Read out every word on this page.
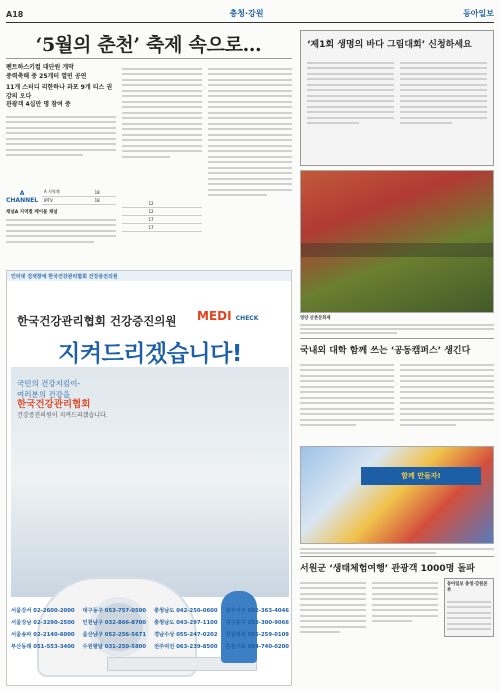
A18	충청·강원	동아일보
‘5월의 춘천’ 축제 속으로…
펜트하스키컬 대단원 개막
중력축해 중 25개터 열띤 공연
11개 스터디 리한하나 과포 9개 티스 권강의 오다
관광객 4십만 명 참여 중
A CHANNEL
A 지역채	18
IPTV	18
채널A 지역별 케이블 채널
	12
	12
	17
	17
인터넷 검색창에 한국건강관리협회 건강증진의원
한국건강관리협회 건강증진의원 MEDI CHECK
지켜드리겠습니다!
국민의 건강지킴이-
여러분의 건강을
한국건강관리협회
건강증진의원이 지켜드리겠습니다.
서울강서 02-2600-2000 대구동구 053-757-0500 충청남도 042-250-0600 광주서구 062-363-4046
서울강남 02-3290-2500 인천남구 032-866-8700 충청남도 043-297-1100 대구중구 053-300-9066
서울송파 02-2140-6000 울산남구 052-256-5671 경남수상 055-247-0202 청원청북 055-259-0109
부산동래 051-553-3400 수원팔달 031-250-5800 전주덕진 063-239-8500 춘천구로 054-740-0200
‘제1회 생명의 바다 그림대회’ 신청하세요
영양 산촌문화제
국내외 대학 함께 쓰는 ‘공동캠퍼스’ 생긴다
함께 만들자!
서원군 ‘생태체험여행’ 관광객 1000명 돌파
동아일보 충청·강원본부
